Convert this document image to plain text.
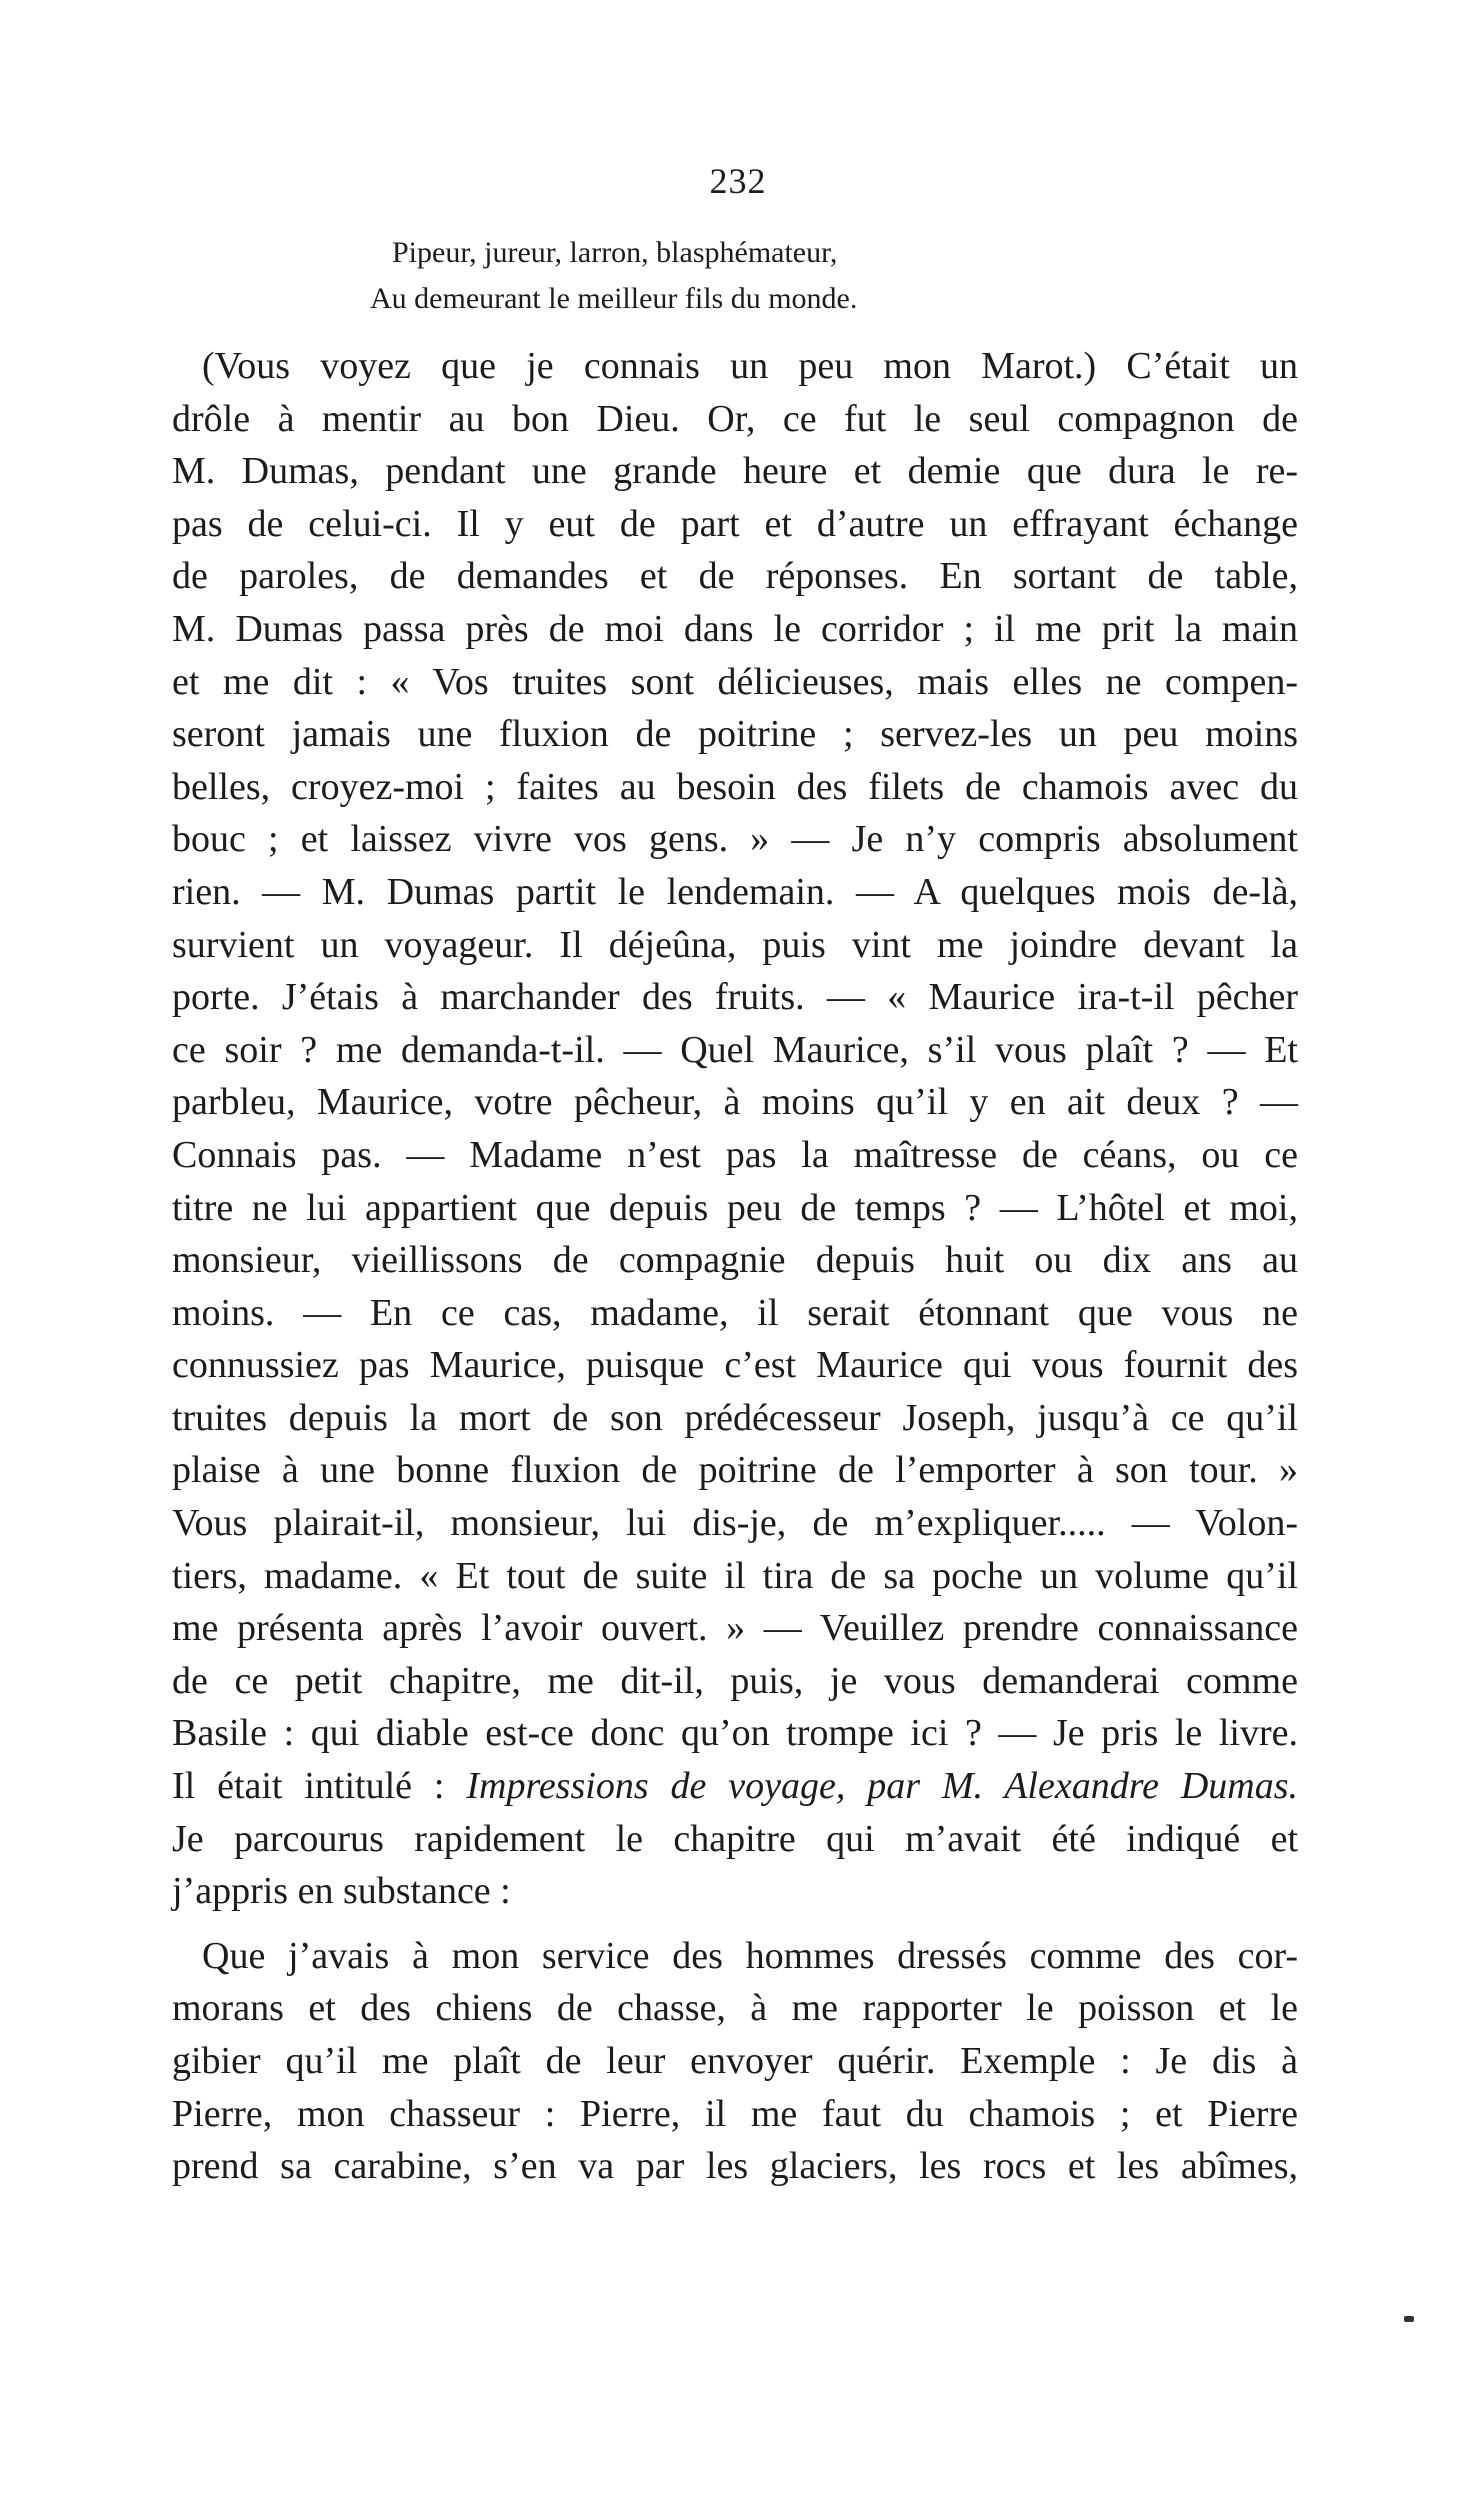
232
Pipeur, jureur, larron, blasphémateur,
Au demeurant le meilleur fils du monde.
(Vous voyez que je connais un peu mon Marot.) C’était un
drôle à mentir au bon Dieu. Or, ce fut le seul compagnon de
M. Dumas, pendant une grande heure et demie que dura le re-
pas de celui-ci. Il y eut de part et d’autre un effrayant échange
de paroles, de demandes et de réponses. En sortant de table,
M. Dumas passa près de moi dans le corridor ; il me prit la main
et me dit : « Vos truites sont délicieuses, mais elles ne compen-
seront jamais une fluxion de poitrine ; servez-les un peu moins
belles, croyez-moi ; faites au besoin des filets de chamois avec du
bouc ; et laissez vivre vos gens. » — Je n’y compris absolument
rien. — M. Dumas partit le lendemain. — A quelques mois de-là,
survient un voyageur. Il déjeûna, puis vint me joindre devant la
porte. J’étais à marchander des fruits. — « Maurice ira-t-il pêcher
ce soir ? me demanda-t-il. — Quel Maurice, s’il vous plaît ? — Et
parbleu, Maurice, votre pêcheur, à moins qu’il y en ait deux ? —
Connais pas. — Madame n’est pas la maîtresse de céans, ou ce
titre ne lui appartient que depuis peu de temps ? — L’hôtel et moi,
monsieur, vieillissons de compagnie depuis huit ou dix ans au
moins. — En ce cas, madame, il serait étonnant que vous ne
connussiez pas Maurice, puisque c’est Maurice qui vous fournit des
truites depuis la mort de son prédécesseur Joseph, jusqu’à ce qu’il
plaise à une bonne fluxion de poitrine de l’emporter à son tour. »
Vous plairait-il, monsieur, lui dis-je, de m’expliquer..... — Volon-
tiers, madame. « Et tout de suite il tira de sa poche un volume qu’il
me présenta après l’avoir ouvert. » — Veuillez prendre connaissance
de ce petit chapitre, me dit-il, puis, je vous demanderai comme
Basile : qui diable est-ce donc qu’on trompe ici ? — Je pris le livre.
Il était intitulé : Impressions de voyage, par M. Alexandre Dumas.
Je parcourus rapidement le chapitre qui m’avait été indiqué et
j’appris en substance :
Que j’avais à mon service des hommes dressés comme des cor-
morans et des chiens de chasse, à me rapporter le poisson et le
gibier qu’il me plaît de leur envoyer quérir. Exemple : Je dis à
Pierre, mon chasseur : Pierre, il me faut du chamois ; et Pierre
prend sa carabine, s’en va par les glaciers, les rocs et les abîmes,
